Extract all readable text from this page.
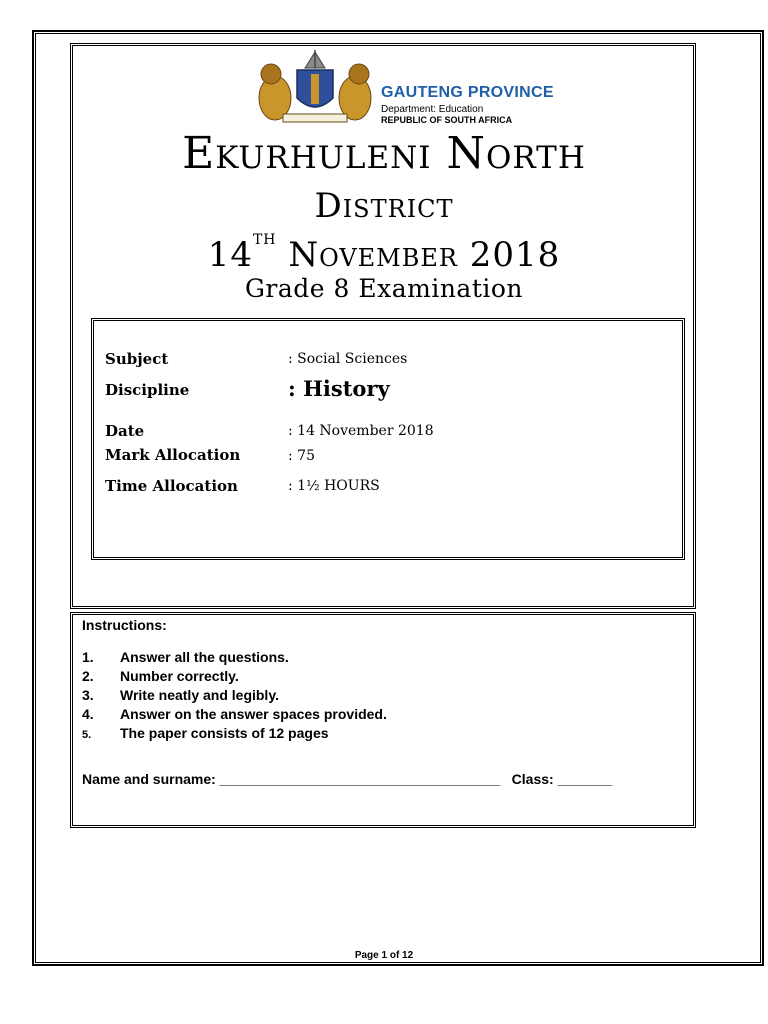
GAUTENG PROVINCE
Department: Education
REPUBLIC OF SOUTH AFRICA
Ekurhuleni North
District
14TH November 2018
Grade 8 Examination
Subject	: Social Sciences
Discipline	: History
Date	: 14 November 2018
Mark Allocation	: 75
Time Allocation	: 1½ HOURS
Instructions:
1. Answer all the questions.
2. Number correctly.
3. Write neatly and legibly.
4. Answer on the answer spaces provided.
5. The paper consists of 12 pages
Name and surname: ____________________________________   Class: _______
Page 1 of 12
